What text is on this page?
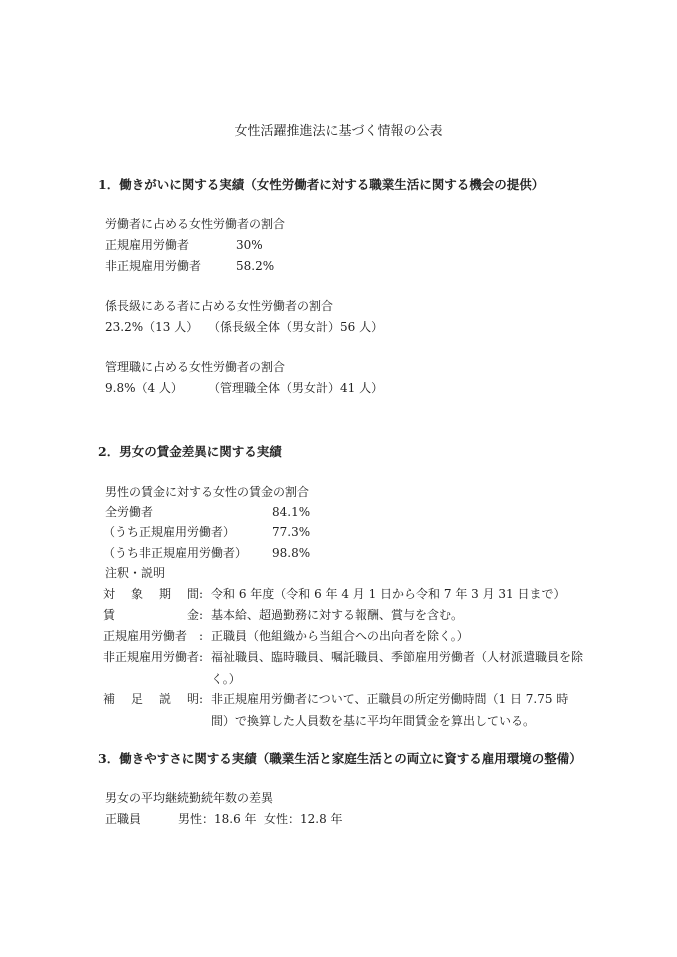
女性活躍推進法に基づく情報の公表
1．働きがいに関する実績（女性労働者に対する職業生活に関する機会の提供）
労働者に占める女性労働者の割合
正規雇用労働者	30%
非正規雇用労働者	58.2%
係長級にある者に占める女性労働者の割合
23.2%（13 人） （係長級全体（男女計）56 人）
管理職に占める女性労働者の割合
9.8%（4 人） （管理職全体（男女計）41 人）
2．男女の賃金差異に関する実績
男性の賃金に対する女性の賃金の割合
全労働者	84.1%
（うち正規雇用労働者）	77.3%
（うち非正規雇用労働者） 98.8%
注釈・説明
対 象 期 間 : 令和 6 年度（令和 6 年 4 月 1 日から令和 7 年 3 月 31 日まで）
賃	金 : 基本給、超過勤務に対する報酬、賞与を含む。
正規雇用労働者 : 正職員（他組織から当組合への出向者を除く。）
非正規雇用労働者 : 福祉職員、臨時職員、嘱託職員、季節雇用労働者（人材派遣職員を除く。）
補 足 説 明 : 非正規雇用労働者について、正職員の所定労働時間（1 日 7.75 時間）で換算した人員数を基に平均年間賃金を算出している。
3．働きやすさに関する実績（職業生活と家庭生活との両立に資する雇用環境の整備）
男女の平均継続勤続年数の差異
正職員	男性：18.6 年 女性：12.8 年
